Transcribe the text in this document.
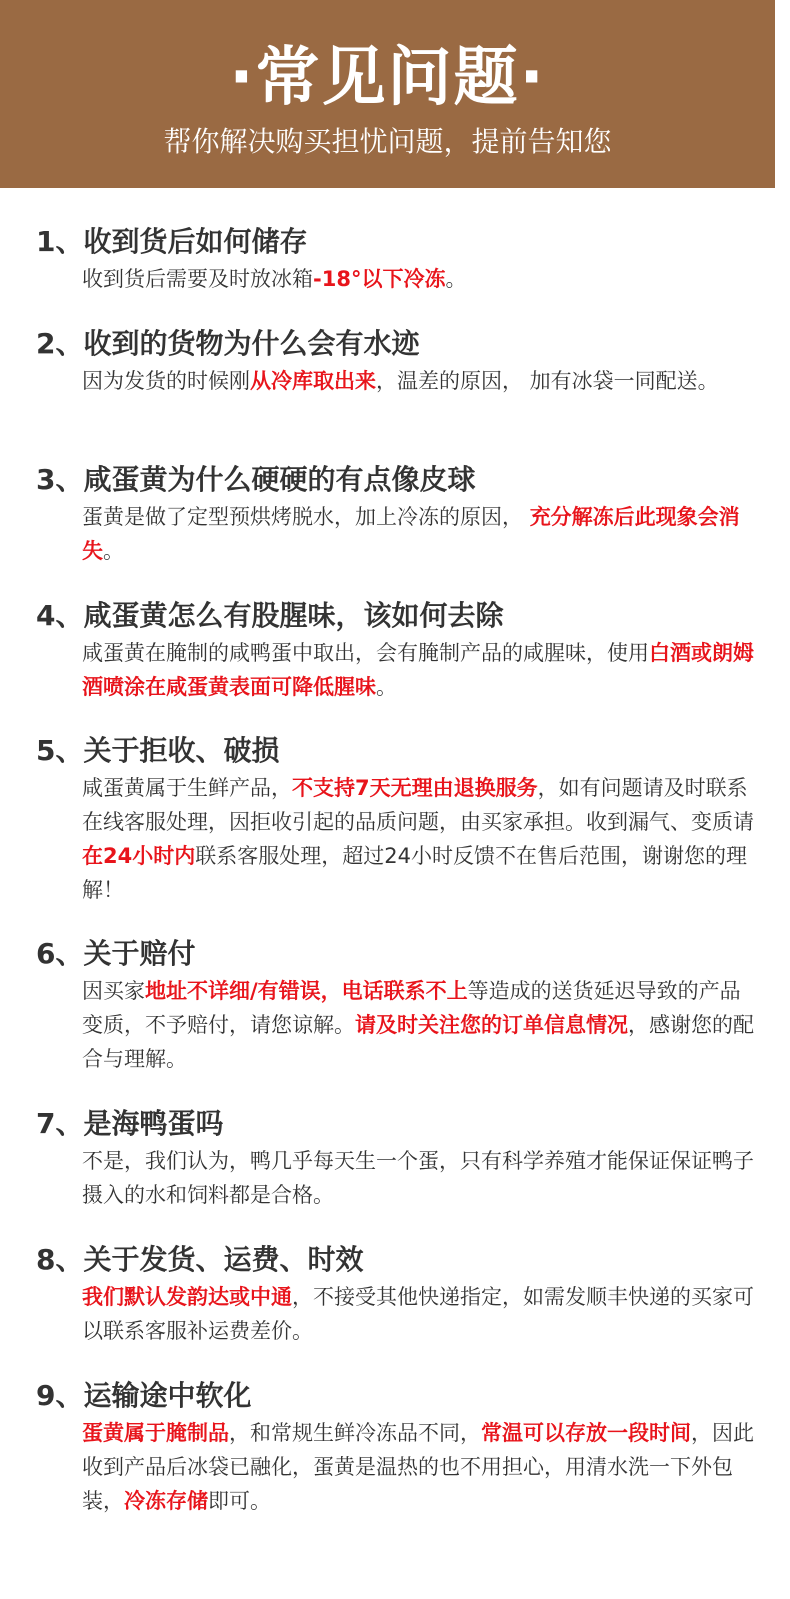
·常见问题·
帮你解决购买担忧问题，提前告知您
1、收到货后如何储存
收到货后需要及时放冰箱-18°以下冷冻。
2、收到的货物为什么会有水迹
因为发货的时候刚从冷库取出来，温差的原因， 加有冰袋一同配送。
3、咸蛋黄为什么硬硬的有点像皮球
蛋黄是做了定型预烘烤脱水，加上冷冻的原因， 充分解冻后此现象会消失。
4、咸蛋黄怎么有股腥味，该如何去除
咸蛋黄在腌制的咸鸭蛋中取出，会有腌制产品的咸腥味，使用白酒或朗姆酒喷涂在咸蛋黄表面可降低腥味。
5、关于拒收、破损
咸蛋黄属于生鲜产品，不支持7天无理由退换服务，如有问题请及时联系在线客服处理，因拒收引起的品质问题，由买家承担。收到漏气、变质请在24小时内联系客服处理，超过24小时反馈不在售后范围，谢谢您的理解！
6、关于赔付
因买家地址不详细/有错误，电话联系不上等造成的送货延迟导致的产品变质，不予赔付，请您谅解。请及时关注您的订单信息情况，感谢您的配合与理解。
7、是海鸭蛋吗
不是，我们认为，鸭几乎每天生一个蛋，只有科学养殖才能保证保证鸭子摄入的水和饲料都是合格。
8、关于发货、运费、时效
我们默认发韵达或中通，不接受其他快递指定，如需发顺丰快递的买家可以联系客服补运费差价。
9、运输途中软化
蛋黄属于腌制品，和常规生鲜冷冻品不同，常温可以存放一段时间，因此收到产品后冰袋已融化，蛋黄是温热的也不用担心，用清水洗一下外包装，冷冻存储即可。
